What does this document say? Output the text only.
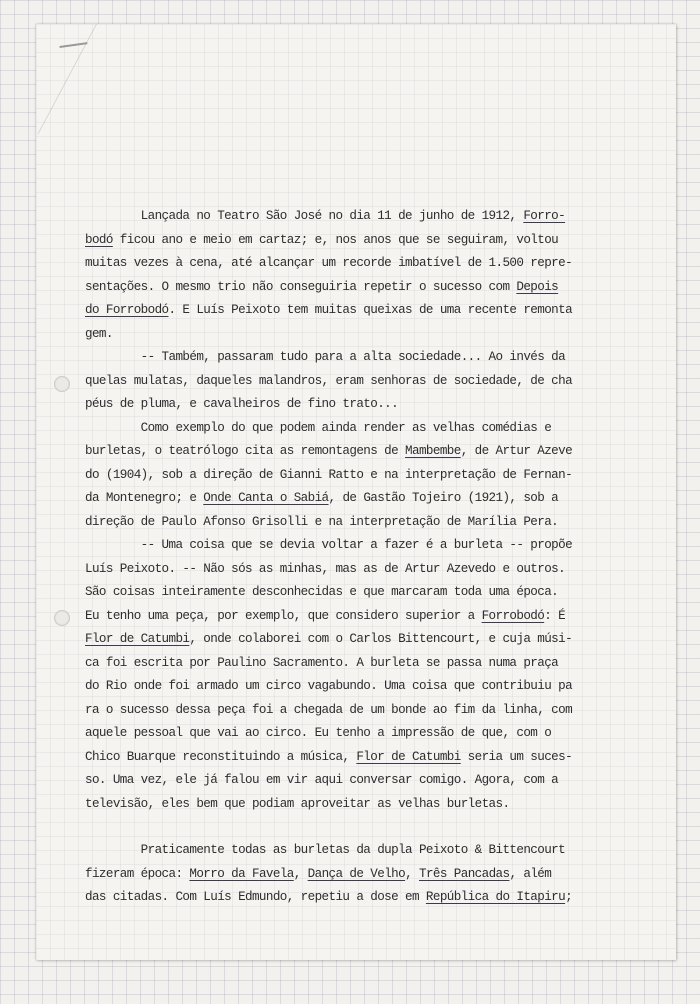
Lançada no Teatro São José no dia 11 de junho de 1912, Forro-
bodó ficou ano e meio em cartaz; e, nos anos que se seguiram, voltou
muitas vezes à cena, até alcançar um recorde imbatível de 1.500 repre-
sentações. O mesmo trio não conseguiria repetir o sucesso com Depois
do Forrobodó. E Luís Peixoto tem muitas queixas de uma recente remonta
gem.
-- Também, passaram tudo para a alta sociedade... Ao invés da
quelas mulatas, daqueles malandros, eram senhoras de sociedade, de cha
péus de pluma, e cavalheiros de fino trato...
Como exemplo do que podem ainda render as velhas comédias e
burletas, o teatrólogo cita as remontagens de Mambembe, de Artur Azeve
do (1904), sob a direção de Gianni Ratto e na interpretação de Fernan-
da Montenegro; e Onde Canta o Sabiá, de Gastão Tojeiro (1921), sob a
direção de Paulo Afonso Grisolli e na interpretação de Marília Pera.
-- Uma coisa que se devia voltar a fazer é a burleta -- propõe
Luís Peixoto. -- Não sós as minhas, mas as de Artur Azevedo e outros.
São coisas inteiramente desconhecidas e que marcaram toda uma época.
Eu tenho uma peça, por exemplo, que considero superior a Forrobodó: É
Flor de Catumbi, onde colaborei com o Carlos Bittencourt, e cuja músi-
ca foi escrita por Paulino Sacramento. A burleta se passa numa praça
do Rio onde foi armado um circo vagabundo. Uma coisa que contribuiu pa
ra o sucesso dessa peça foi a chegada de um bonde ao fim da linha, com
aquele pessoal que vai ao circo. Eu tenho a impressão de que, com o
Chico Buarque reconstituindo a música, Flor de Catumbi seria um suces-
so. Uma vez, ele já falou em vir aqui conversar comigo. Agora, com a
televisão, eles bem que podiam aproveitar as velhas burletas.
Praticamente todas as burletas da dupla Peixoto & Bittencourt
fizeram época: Morro da Favela, Dança de Velho, Três Pancadas, além
das citadas. Com Luís Edmundo, repetiu a dose em República do Itapiru;
